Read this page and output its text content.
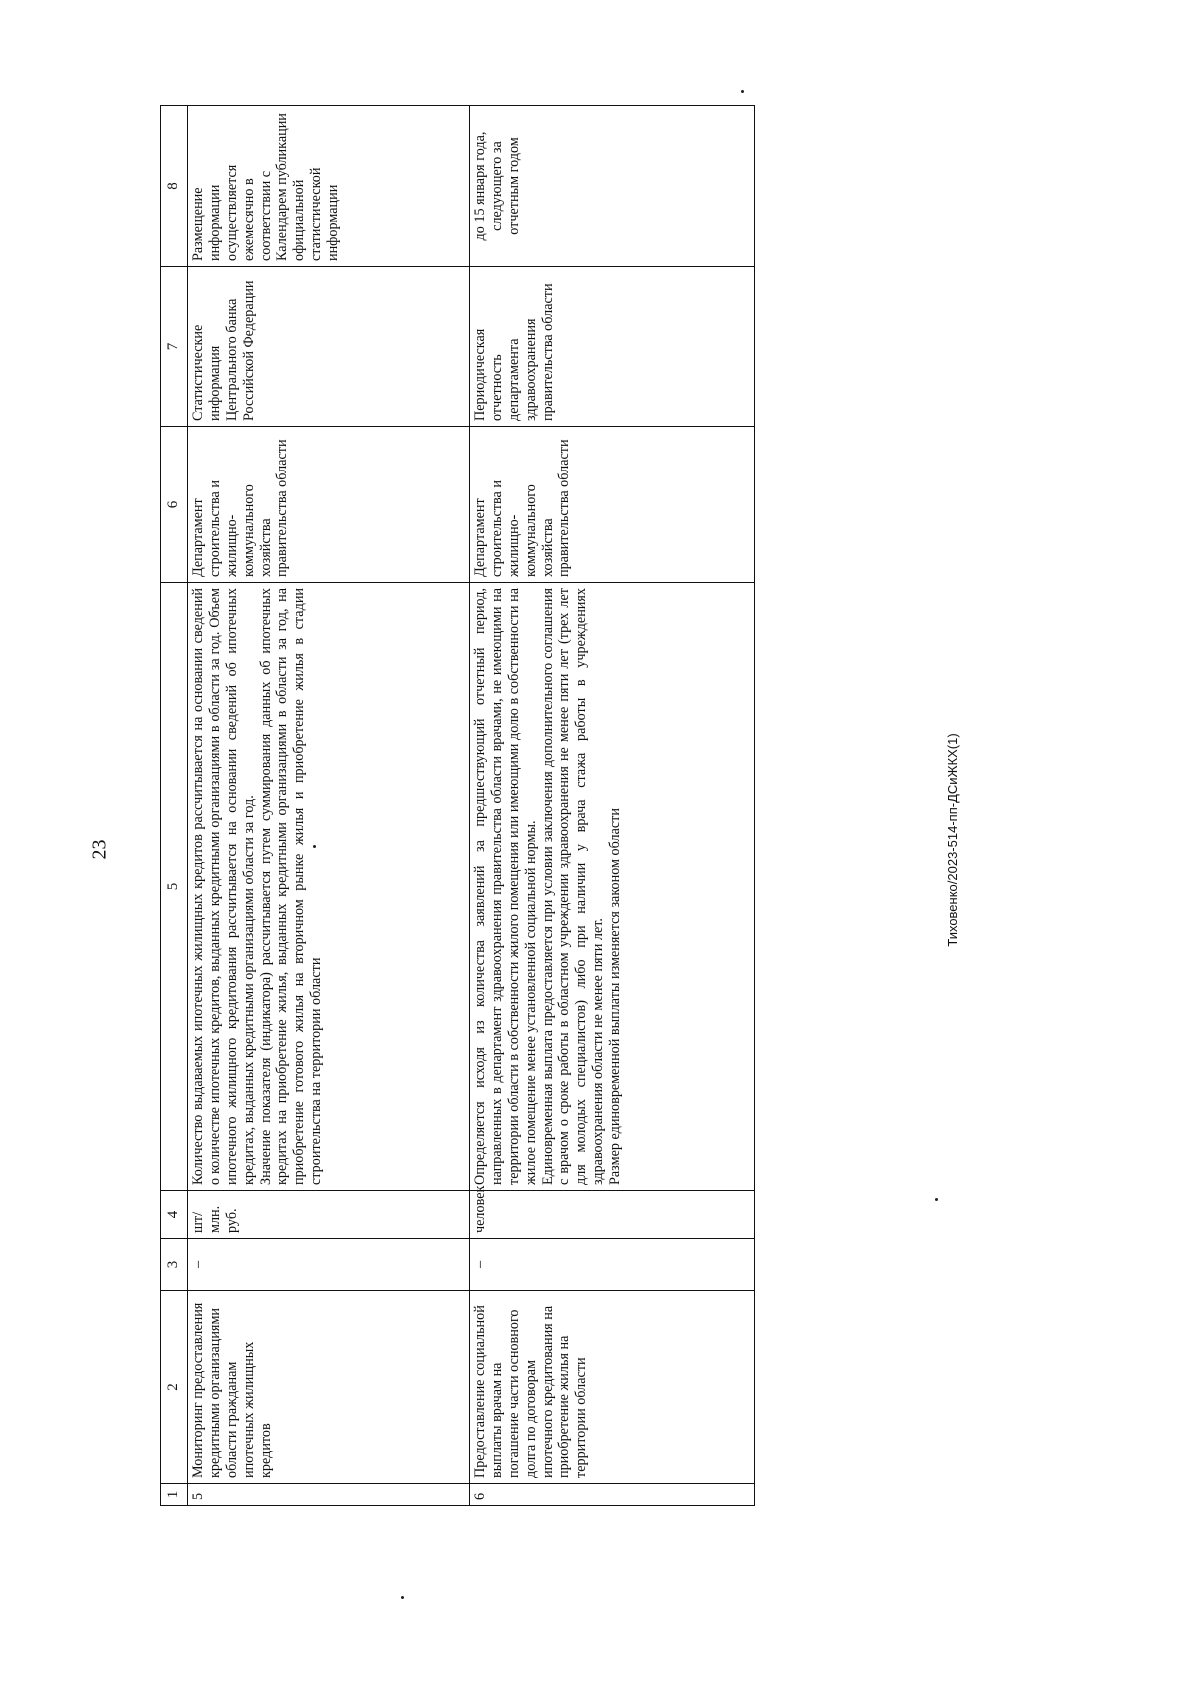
23
1	2	3	4	5	6	7	8
5	Мониторинг предоставления кредитными организациями области гражданам ипотечных жилищных кредитов	–	шт/ млн. руб.	Количество выдаваемых ипотечных жилищных кредитов рассчитывается на основании сведений о количестве ипотечных кредитов, выданных кредитными организациями в области за год. Объем ипотечного жилищного кредитования рассчитывается на основании сведений об ипотечных кредитах, выданных кредитными организациями области за год. Значение показателя (индикатора) рассчитывается путем суммирования данных об ипотечных кредитах на приобретение жилья, выданных кредитными организациями в области за год, на приобретение готового жилья на вторичном рынке жилья и приобретение жилья в стадии строительства на территории области	Департамент строительства и жилищно-коммунального хозяйства правительства области	Статистические информация Центрального банка Российской Федерации	Размещение информации осуществляется ежемесячно в соответствии с Календарем публикации официальной статистической информации
6	Предоставление социальной выплаты врачам на погашение части основного долга по договорам ипотечного кредитования на приобретение жилья на территории области	–	человек	Определяется исходя из количества заявлений за предшествующий отчетный период, направленных в департамент здравоохранения правительства области врачами, не имеющими на территории области в собственности жилого помещения или имеющими долю в собственности на жилое помещение менее установленной социальной нормы. Единовременная выплата предоставляется при условии заключения дополнительного соглашения с врачом о сроке работы в областном учреждении здравоохранения не менее пяти лет (трех лет для молодых специалистов) либо при наличии у врача стажа работы в учреждениях здравоохранения области не менее пяти лет. Размер единовременной выплаты изменяется законом области	Департамент строительства и жилищно-коммунального хозяйства правительства области	Периодическая отчетность департамента здравоохранения правительства области	до 15 января года, следующего за отчетным годом
Тиховенко/2023-514-пп-ДСиЖКХ(1)
